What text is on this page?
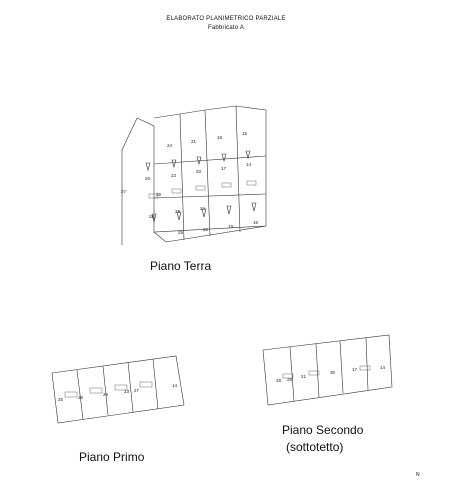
ELABORATO PLANIMETRICO PARZIALE
Fabbricato A
27
24
21
18
15
26
23
20
17
14
25
22
19
16
28
29
28
24
25	26
29
23 27
14
28 29
21
30
17	14
Piano Terra
Piano Primo
Piano Secondo
(sottotetto)
N
